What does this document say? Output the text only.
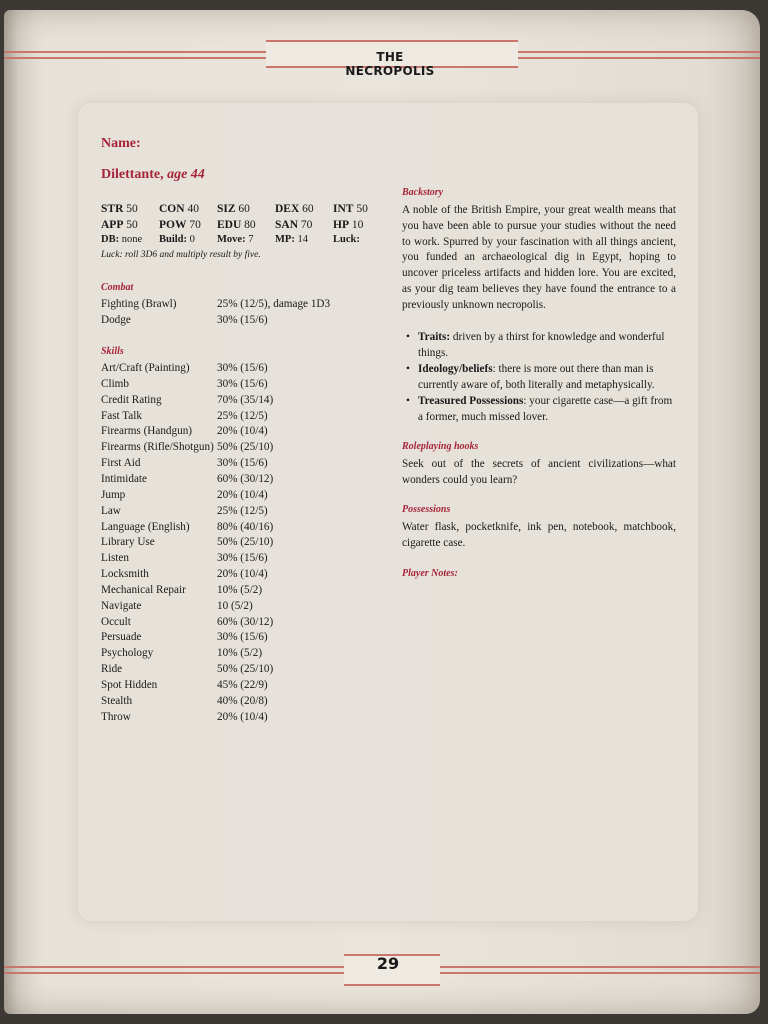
THE NECROPOLIS
29
Name:
Dilettante, age 44
STR 50 CON 40 SIZ 60 DEX 60 INT 50
APP 50 POW 70 EDU 80 SAN 70 HP 10
DB: none Build: 0 Move: 7 MP: 14 Luck:
Luck: roll 3D6 and multiply result by five.
Combat
Fighting (Brawl)	25% (12/5), damage 1D3
Dodge	30% (15/6)
Skills
Art/Craft (Painting) 30% (15/6)
Climb	30% (15/6)
Credit Rating	70% (35/14)
Fast Talk	25% (12/5)
Firearms (Handgun) 20% (10/4)
Firearms (Rifle/Shotgun) 50% (25/10)
First Aid	30% (15/6)
Intimidate	60% (30/12)
Jump	20% (10/4)
Law	25% (12/5)
Language (English) 80% (40/16)
Library Use	50% (25/10)
Listen	30% (15/6)
Locksmith	20% (10/4)
Mechanical Repair	10% (5/2)
Navigate	10 (5/2)
Occult	60% (30/12)
Persuade	30% (15/6)
Psychology	10% (5/2)
Ride	50% (25/10)
Spot Hidden	45% (22/9)
Stealth	40% (20/8)
Throw	20% (10/4)
Backstory
A noble of the British Empire, your great wealth means that you have been able to pursue your studies without the need to work. Spurred by your fascination with all things ancient, you funded an archaeological dig in Egypt, hoping to uncover priceless artifacts and hidden lore. You are excited, as your dig team believes they have found the entrance to a previously unknown necropolis.
• Traits: driven by a thirst for knowledge and wonderful things.
• Ideology/beliefs: there is more out there than man is currently aware of, both literally and metaphysically.
• Treasured Possessions: your cigarette case—a gift from a former, much missed lover.
Roleplaying hooks
Seek out of the secrets of ancient civilizations—what wonders could you learn?
Possessions
Water flask, pocketknife, ink pen, notebook, matchbook, cigarette case.
Player Notes:
